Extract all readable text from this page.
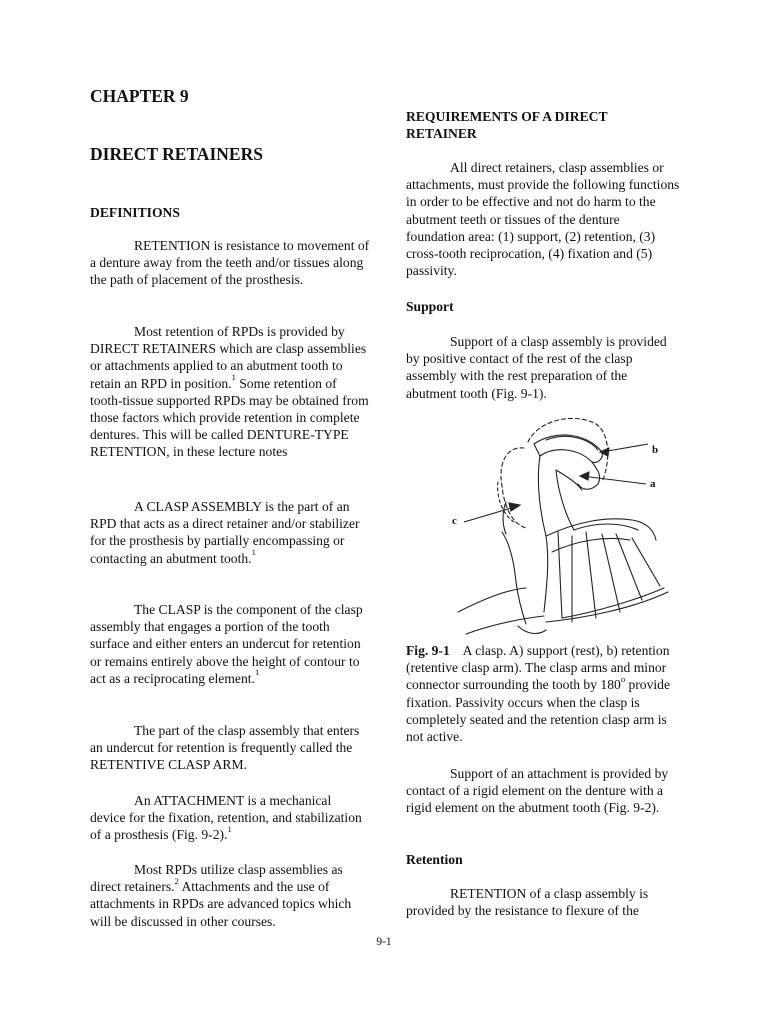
CHAPTER 9
DIRECT RETAINERS
DEFINITIONS

RETENTION is resistance to movement of a denture away from the teeth and/or tissues along the path of placement of the prosthesis.

Most retention of RPDs is provided by DIRECT RETAINERS which are clasp assemblies or attachments applied to an abutment tooth to retain an RPD in position.$^1$ Some retention of tooth-tissue supported RPDs may be obtained from those factors which provide retention in complete dentures. This will be called DENTURE-TYPE RETENTION, in these lecture notes

A CLASP ASSEMBLY is the part of an RPD that acts as a direct retainer and/or stabilizer for the prosthesis by partially encompassing or contacting an abutment tooth.$^1$

The CLASP is the component of the clasp assembly that engages a portion of the tooth surface and either enters an undercut for retention or remains entirely above the height of contour to act as a reciprocating element.$^1$

The part of the clasp assembly that enters an undercut for retention is frequently called the RETENTIVE CLASP ARM.

An ATTACHMENT is a mechanical device for the fixation, retention, and stabilization of a prosthesis (Fig. 9-2).$^1$

Most RPDs utilize clasp assemblies as direct retainers.$^2$ Attachments and the use of attachments in RPDs are advanced topics which will be discussed in other courses.

REQUIREMENTS OF A DIRECT RETAINER

All direct retainers, clasp assemblies or attachments, must provide the following functions in order to be effective and not do harm to the abutment teeth or tissues of the denture foundation area: (1) support, (2) retention, (3) cross-tooth reciprocation, (4) fixation and (5) passivity.

Support

Support of a clasp assembly is provided by positive contact of the rest of the clasp assembly with the rest preparation of the abutment tooth (Fig. 9-1).

b
a
c

Fig. 9-1    A clasp. A) support (rest), b) retention (retentive clasp arm). The clasp arms and minor connector surrounding the tooth by 180$^o$ provide fixation. Passivity occurs when the clasp is completely seated and the retention clasp arm is not active.

Support of an attachment is provided by contact of a rigid element on the denture with a rigid element on the abutment tooth (Fig. 9-2).

Retention

RETENTION of a clasp assembly is provided by the resistance to flexure of the

9-1
